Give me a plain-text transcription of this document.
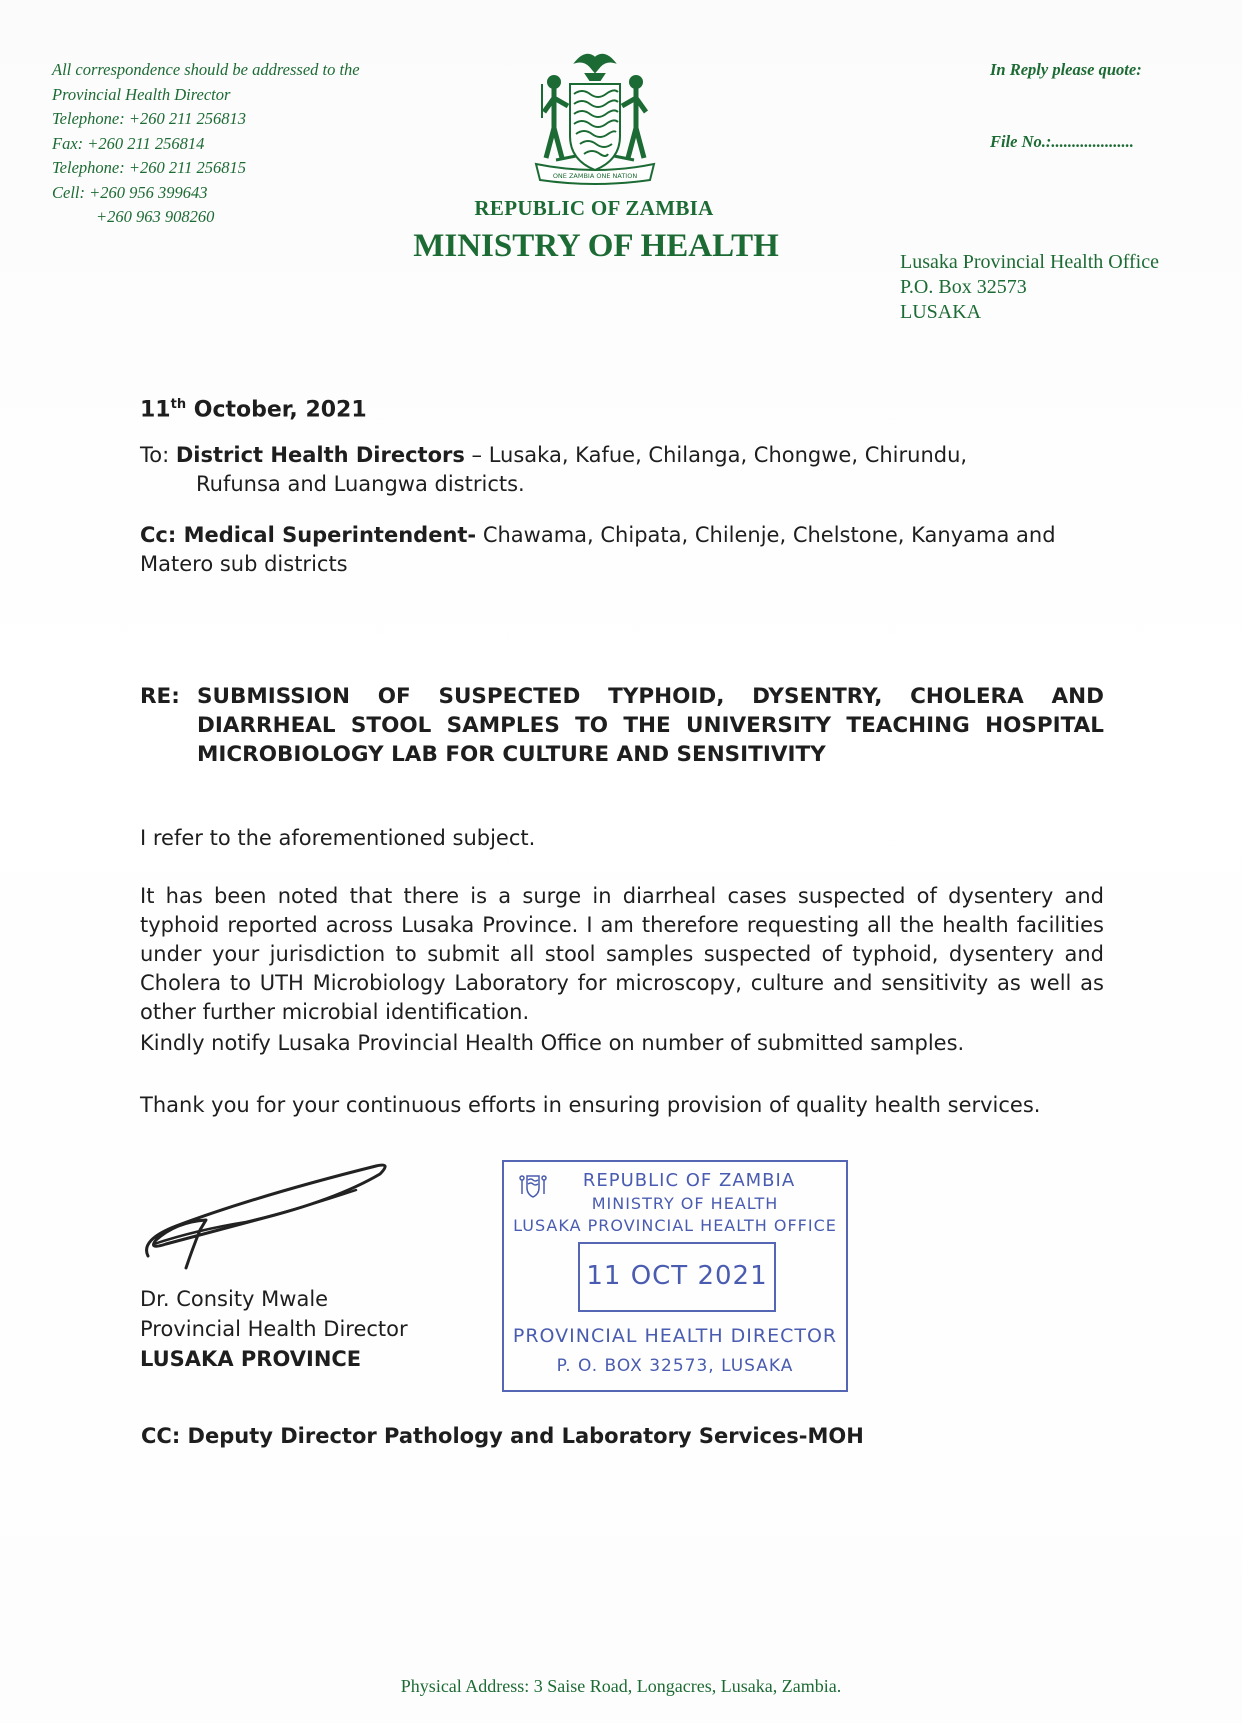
All correspondence should be addressed to the
Provincial Health Director
Telephone: +260 211 256813
Fax: +260 211 256814
Telephone: +260 211 256815
Cell: +260 956 399643
+260 963 908260
ONE ZAMBIA ONE NATION
REPUBLIC OF ZAMBIA
MINISTRY OF HEALTH
In Reply please quote:
File No.:....................
Lusaka Provincial Health Office
P.O. Box 32573
LUSAKA
11th October, 2021
To: District Health Directors – Lusaka, Kafue, Chilanga, Chongwe, Chirundu,
Rufunsa and Luangwa districts.
Cc: Medical Superintendent- Chawama, Chipata, Chilenje, Chelstone, Kanyama and Matero sub districts
RE: SUBMISSION OF SUSPECTED TYPHOID, DYSENTRY, CHOLERA AND DIARRHEAL STOOL SAMPLES TO THE UNIVERSITY TEACHING HOSPITAL MICROBIOLOGY LAB FOR CULTURE AND SENSITIVITY
I refer to the aforementioned subject.
It has been noted that there is a surge in diarrheal cases suspected of dysentery and typhoid reported across Lusaka Province. I am therefore requesting all the health facilities under your jurisdiction to submit all stool samples suspected of typhoid, dysentery and Cholera to UTH Microbiology Laboratory for microscopy, culture and sensitivity as well as other further microbial identification.
Kindly notify Lusaka Provincial Health Office on number of submitted samples.
Thank you for your continuous efforts in ensuring provision of quality health services.
Dr. Consity Mwale
Provincial Health Director
LUSAKA PROVINCE
REPUBLIC OF ZAMBIA
MINISTRY OF HEALTH
LUSAKA PROVINCIAL HEALTH OFFICE
11 OCT 2021
PROVINCIAL HEALTH DIRECTOR
P. O. BOX 32573, LUSAKA
CC: Deputy Director Pathology and Laboratory Services-MOH
Physical Address: 3 Saise Road, Longacres, Lusaka, Zambia.
